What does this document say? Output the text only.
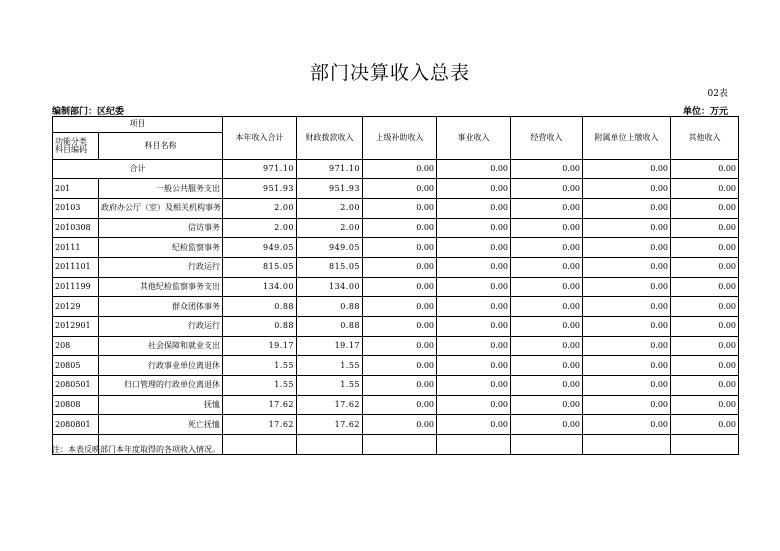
部门决算收入总表
02表
编制部门：区纪委	单位：万元
项目		本年收入合计	财政拨款收入	上级补助收入	事业收入	经营收入	附属单位上缴收入	其他收入
功能分类
科目编码	科目名称							
合计		971.10	971.10	0.00	0.00	0.00	0.00	0.00
201	一般公共服务支出	951.93	951.93	0.00	0.00	0.00	0.00	0.00
20103	政府办公厅（室）及相关机构事务	2.00	2.00	0.00	0.00	0.00	0.00	0.00
2010308	信访事务	2.00	2.00	0.00	0.00	0.00	0.00	0.00
20111	纪检监察事务	949.05	949.05	0.00	0.00	0.00	0.00	0.00
2011101	行政运行	815.05	815.05	0.00	0.00	0.00	0.00	0.00
2011199	其他纪检监察事务支出	134.00	134.00	0.00	0.00	0.00	0.00	0.00
20129	群众团体事务	0.88	0.88	0.00	0.00	0.00	0.00	0.00
2012901	行政运行	0.88	0.88	0.00	0.00	0.00	0.00	0.00
208	社会保障和就业支出	19.17	19.17	0.00	0.00	0.00	0.00	0.00
20805	行政事业单位离退休	1.55	1.55	0.00	0.00	0.00	0.00	0.00
2080501	归口管理的行政单位离退休	1.55	1.55	0.00	0.00	0.00	0.00	0.00
20808	抚恤	17.62	17.62	0.00	0.00	0.00	0.00	0.00
2080801	死亡抚恤	17.62	17.62	0.00	0.00	0.00	0.00	0.00

注：本表反映部门本年度取得的各项收入情况。
